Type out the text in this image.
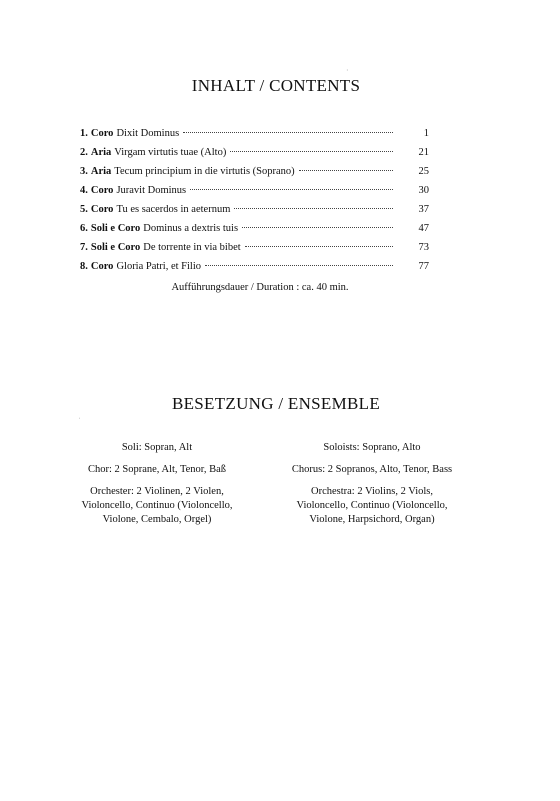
INHALT / CONTENTS
1. Coro Dixit Dominus	1
2. Aria Virgam virtutis tuae (Alto)	21
3. Aria Tecum principium in die virtutis (Soprano)	25
4. Coro Juravit Dominus	30
5. Coro Tu es sacerdos in aeternum	37
6. Soli e Coro Dominus a dextris tuis	47
7. Soli e Coro De torrente in via bibet	73
8. Coro Gloria Patri, et Filio	77

Aufführungsdauer / Duration : ca. 40 min.

BESETZUNG / ENSEMBLE

Soli: Sopran, Alt

Chor: 2 Soprane, Alt, Tenor, Baß

Orchester: 2 Violinen, 2 Violen,
Violoncello, Continuo (Violoncello,
Violone, Cembalo, Orgel)

Soloists: Soprano, Alto

Chorus: 2 Sopranos, Alto, Tenor, Bass

Orchestra: 2 Violins, 2 Viols,
Violoncello, Continuo (Violoncello,
Violone, Harpsichord, Organ)

ˌ
·
